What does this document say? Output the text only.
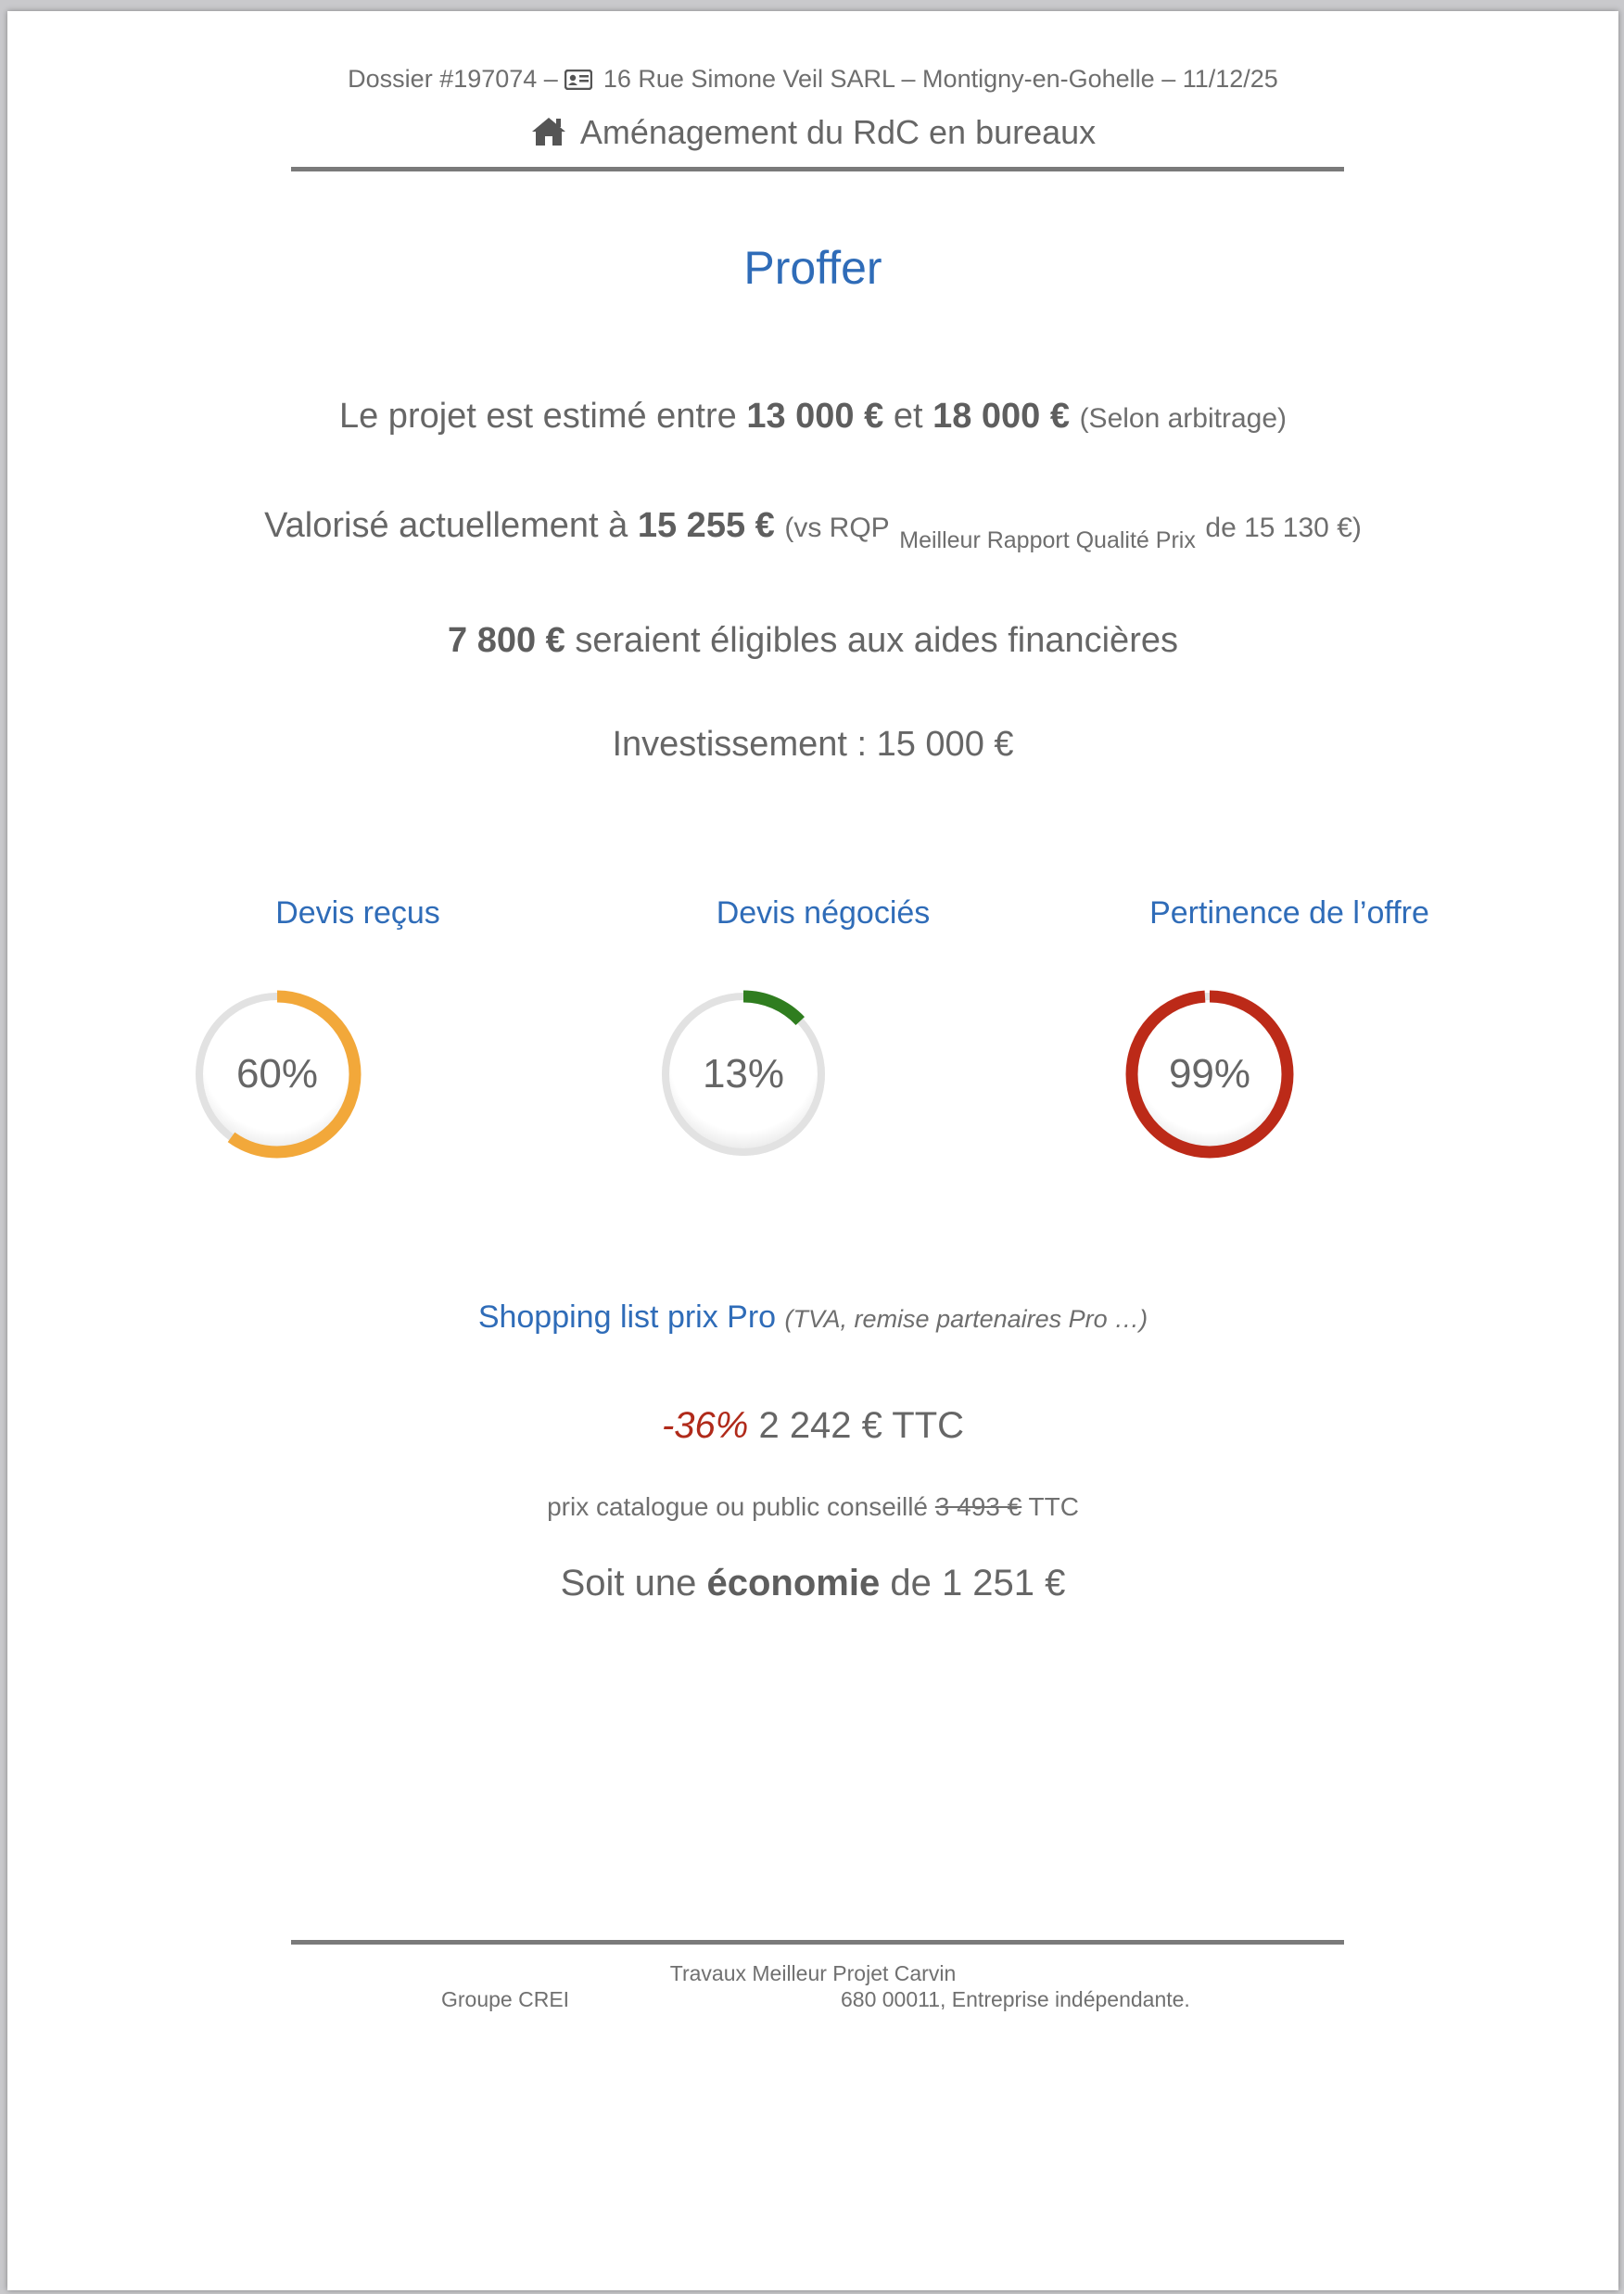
Dossier #197074 – 16 Rue Simone Veil SARL – Montigny-en-Gohelle – 11/12/25
Aménagement du RdC en bureaux
Proffer
Le projet est estimé entre 13 000 € et 18 000 € (Selon arbitrage)
Valorisé actuellement à 15 255 € (vs RQP $_{Meilleur Rapport Qualité Prix}$ de 15 130 €)
7 800 € seraient éligibles aux aides financières
Investissement : 15 000 €
Devis reçus	Devis négociés	Pertinence de l’offre
60%	13%	99%
Shopping list prix Pro (TVA, remise partenaires Pro …)
-36% 2 242 € TTC
prix catalogue ou public conseillé 3 493 € TTC
Soit une économie de 1 251 €
Travaux Meilleur Projet Carvin
Groupe CREI	680 00011, Entreprise indépendante.
